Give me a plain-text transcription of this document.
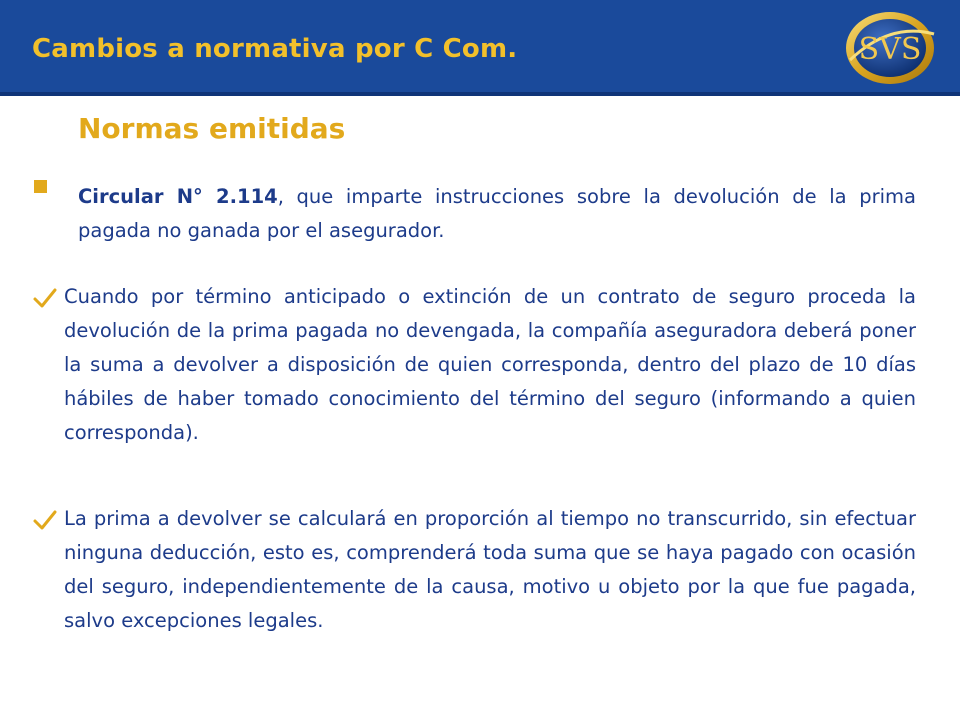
Cambios a normativa por C Com.	SVS
Normas emitidas
Circular N° 2.114, que imparte instrucciones sobre la devolución de la prima pagada no ganada por el asegurador.
Cuando por término anticipado o extinción de un contrato de seguro proceda la devolución de la prima pagada no devengada, la compañía aseguradora deberá poner la suma a devolver a disposición de quien corresponda, dentro del plazo de 10 días hábiles de haber tomado conocimiento del término del seguro (informando a quien corresponda).
La prima a devolver se calculará en proporción al tiempo no transcurrido, sin efectuar ninguna deducción, esto es, comprenderá toda suma que se haya pagado con ocasión del seguro, independientemente de la causa, motivo u objeto por la que fue pagada, salvo excepciones legales.
